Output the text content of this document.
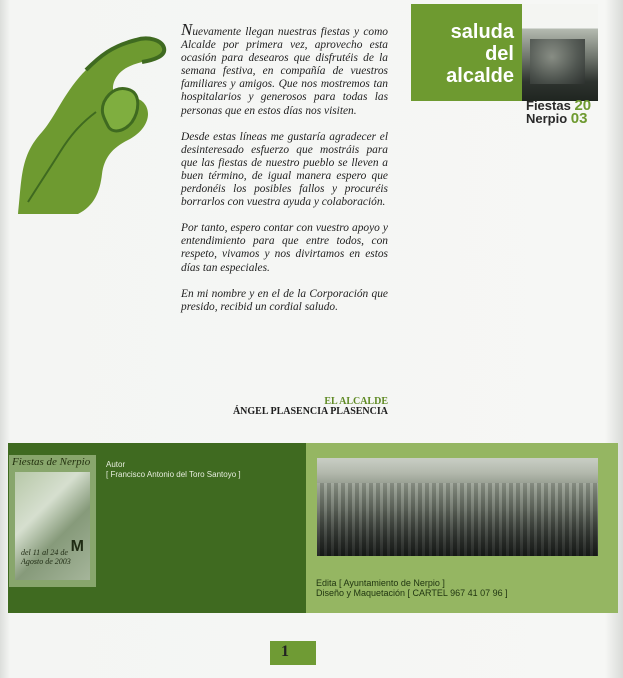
Nuevamente llegan nuestras fiestas y como Alcalde por primera vez, aprovecho esta ocasión para desearos que disfrutéis de la semana festiva, en compañía de vuestros familiares y amigos. Que nos mostremos tan hospitalarios y generosos para todas las personas que en estos días nos visiten.

Desde estas líneas me gustaría agradecer el desinteresado esfuerzo que mostráis para que las fiestas de nuestro pueblo se lleven a buen término, de igual manera espero que perdonéis los posibles fallos y procuréis borrarlos con vuestra ayuda y colaboración.

Por tanto, espero contar con vuestro apoyo y entendimiento para que entre todos, con respeto, vivamos y nos divirtamos en estos días tan especiales.

En mi nombre y en el de la Corporación que presido, recibid un cordial saludo.

EL ALCALDE
ÁNGEL PLASENCIA PLASENCIA
saluda
del
alcalde
Fiestas 20
Nerpio 03
Fiestas de Nerpio
M
del 11 al 24 de Agosto de 2003
Autor
[ Francisco Antonio del Toro Santoyo ]
Edita [ Ayuntamiento de Nerpio ]
Diseño y Maquetación [ CARTEL 967 41 07 96 ]
1
